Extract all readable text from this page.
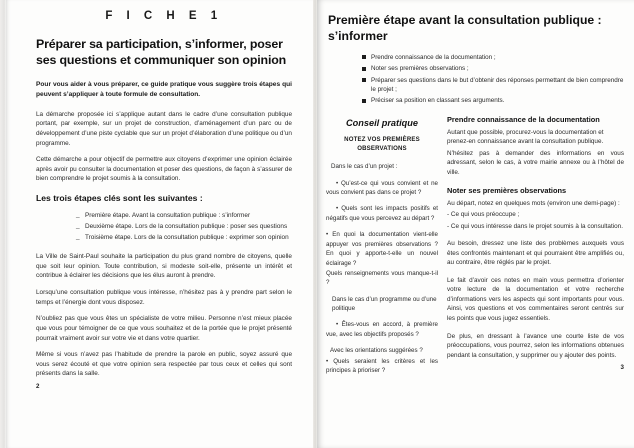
F I C H E 1
Préparer sa participation, s’informer, poser ses questions et communiquer son opinion

Pour vous aider à vous préparer, ce guide pratique vous suggère trois étapes qui peuvent s’appliquer à toute formule de consultation.

La démarche proposée ici s’applique autant dans le cadre d’une consultation publique portant, par exemple, sur un projet de construction, d’aménagement d’un parc ou de développement d’une piste cyclable que sur un projet d’élaboration d’une politique ou d’un programme.

Cette démarche a pour objectif de permettre aux citoyens d’exprimer une opinion éclairée après avoir pu consulter la documentation et poser des questions, de façon à s’assurer de bien comprendre le projet soumis à la consultation.

Les trois étapes clés sont les suivantes :
_ Première étape. Avant la consultation publique : s’informer
_ Deuxième étape. Lors de la consultation publique : poser ses questions
_ Troisième étape. Lors de la consultation publique : exprimer son opinion

La Ville de Saint-Paul souhaite la participation du plus grand nombre de citoyens, quelle que soit leur opinion. Toute contribution, si modeste soit-elle, présente un intérêt et contribue à éclairer les décisions que les élus auront à prendre.

Lorsqu’une consultation publique vous intéresse, n’hésitez pas à y prendre part selon le temps et l’énergie dont vous disposez.

N’oubliez pas que vous êtes un spécialiste de votre milieu. Personne n’est mieux placée que vous pour témoigner de ce que vous souhaitez et de la portée que le projet présenté pourrait vraiment avoir sur votre vie et dans votre quartier.

Même si vous n’avez pas l’habitude de prendre la parole en public, soyez assuré que vous serez écouté et que votre opinion sera respectée par tous ceux et celles qui sont présents dans la salle.

2
Première étape avant la consultation publique : s’informer
Prendre connaissance de la documentation ;
Noter ses premières observations ;
Préparer ses questions dans le but d’obtenir des réponses permettant de bien comprendre le projet ;
Préciser sa position en classant ses arguments.
Conseil pratique
NOTEZ VOS PREMIÈRES OBSERVATIONS

Dans le cas d’un projet :

• Qu’est-ce qui vous convient et ne vous convient pas dans ce projet ?

• Quels sont les impacts positifs et négatifs que vous percevez au départ ?

• En quoi la documentation vient-elle appuyer vos premières observations ? En quoi y apporte-t-elle un nouvel éclairage ?

Quels renseignements vous manque-t-il ?

Dans le cas d’un programme ou d’une politique

• Êtes-vous en accord, à première vue, avec les objectifs proposés ?

Avec les orientations suggérées ?

• Quels seraient les critères et les principes à prioriser ?

Prendre connaissance de la documentation

Autant que possible, procurez-vous la documentation et prenez-en connaissance avant la consultation publique.

N’hésitez pas à demander des informations en vous adressant, selon le cas, à votre mairie annexe ou à l’hôtel de ville.

Noter ses premières observations

Au départ, notez en quelques mots (environ une demi-page) :

- Ce qui vous préoccupe ;

- Ce qui vous intéresse dans le projet soumis à la consultation.

Au besoin, dressez une liste des problèmes auxquels vous êtes confrontés maintenant et qui pourraient être amplifiés ou, au contraire, être réglés par le projet.

Le fait d’avoir ces notes en main vous permettra d’orienter votre lecture de la documentation et votre recherche d’informations vers les aspects qui sont importants pour vous. Ainsi, vos questions et vos commentaires seront centrés sur les points que vous jugez essentiels.

De plus, en dressant à l’avance une courte liste de vos préoccupations, vous pourrez, selon les informations obtenues pendant la consultation, y supprimer ou y ajouter des points.

3
